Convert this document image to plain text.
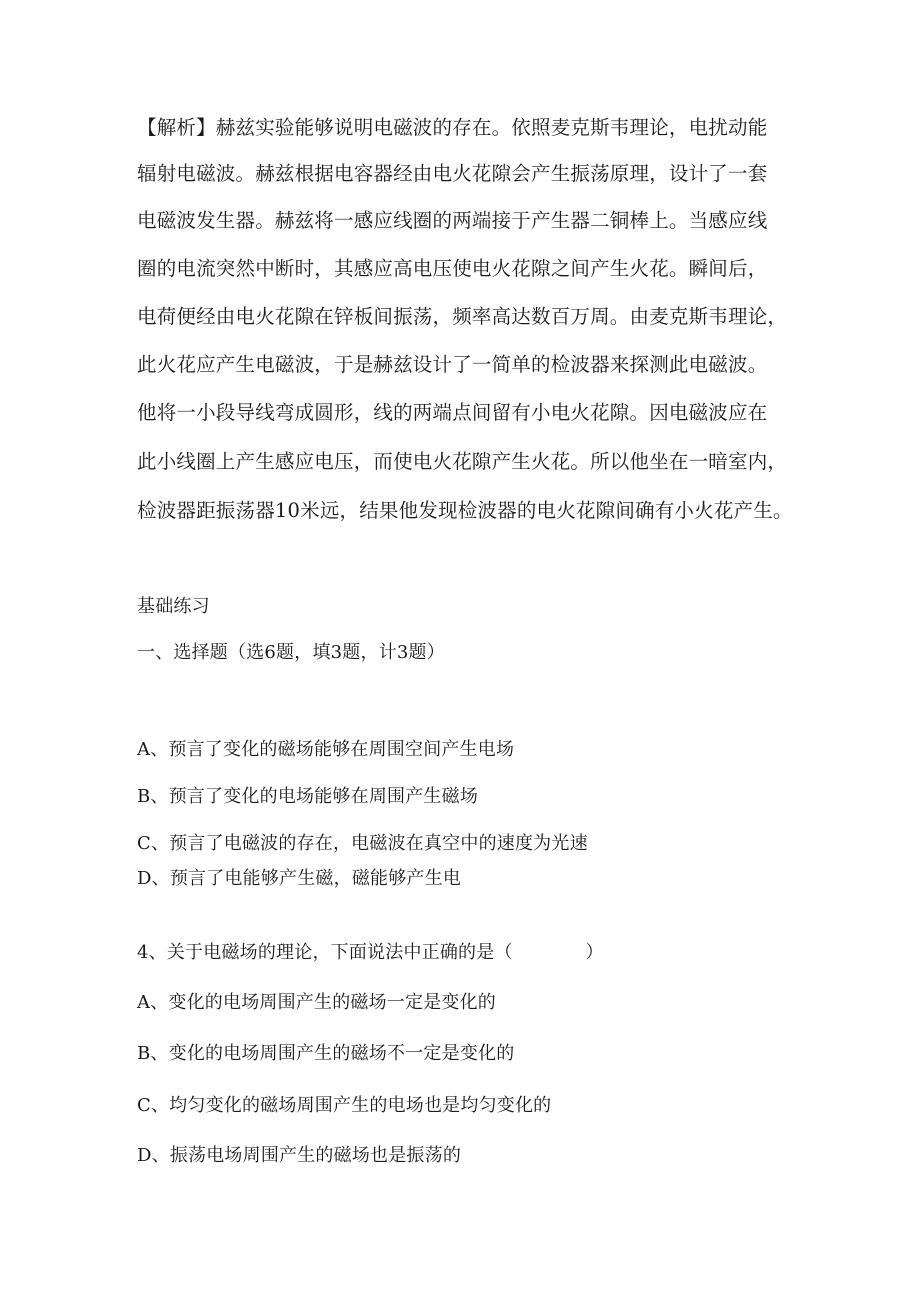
【解析】赫兹实验能够说明电磁波的存在。依照麦克斯韦理论，电扰动能
辐射电磁波。赫兹根据电容器经由电火花隙会产生振荡原理，设计了一套
电磁波发生器。赫兹将一感应线圈的两端接于产生器二铜棒上。当感应线
圈的电流突然中断时，其感应高电压使电火花隙之间产生火花。瞬间后，
电荷便经由电火花隙在锌板间振荡，频率高达数百万周。由麦克斯韦理论，
此火花应产生电磁波，于是赫兹设计了一简单的检波器来探测此电磁波。
他将一小段导线弯成圆形，线的两端点间留有小电火花隙。因电磁波应在
此小线圈上产生感应电压，而使电火花隙产生火花。所以他坐在一暗室内，
检波器距振荡器10米远，结果他发现检波器的电火花隙间确有小火花产生。
基础练习
一、选择题（选6题，填3题，计3题）
A、预言了变化的磁场能够在周围空间产生电场
B、预言了变化的电场能够在周围产生磁场
C、预言了电磁波的存在，电磁波在真空中的速度为光速
D、预言了电能够产生磁，磁能够产生电
4、关于电磁场的理论，下面说法中正确的是（　　　　）
A、变化的电场周围产生的磁场一定是变化的
B、变化的电场周围产生的磁场不一定是变化的
C、均匀变化的磁场周围产生的电场也是均匀变化的
D、振荡电场周围产生的磁场也是振荡的
